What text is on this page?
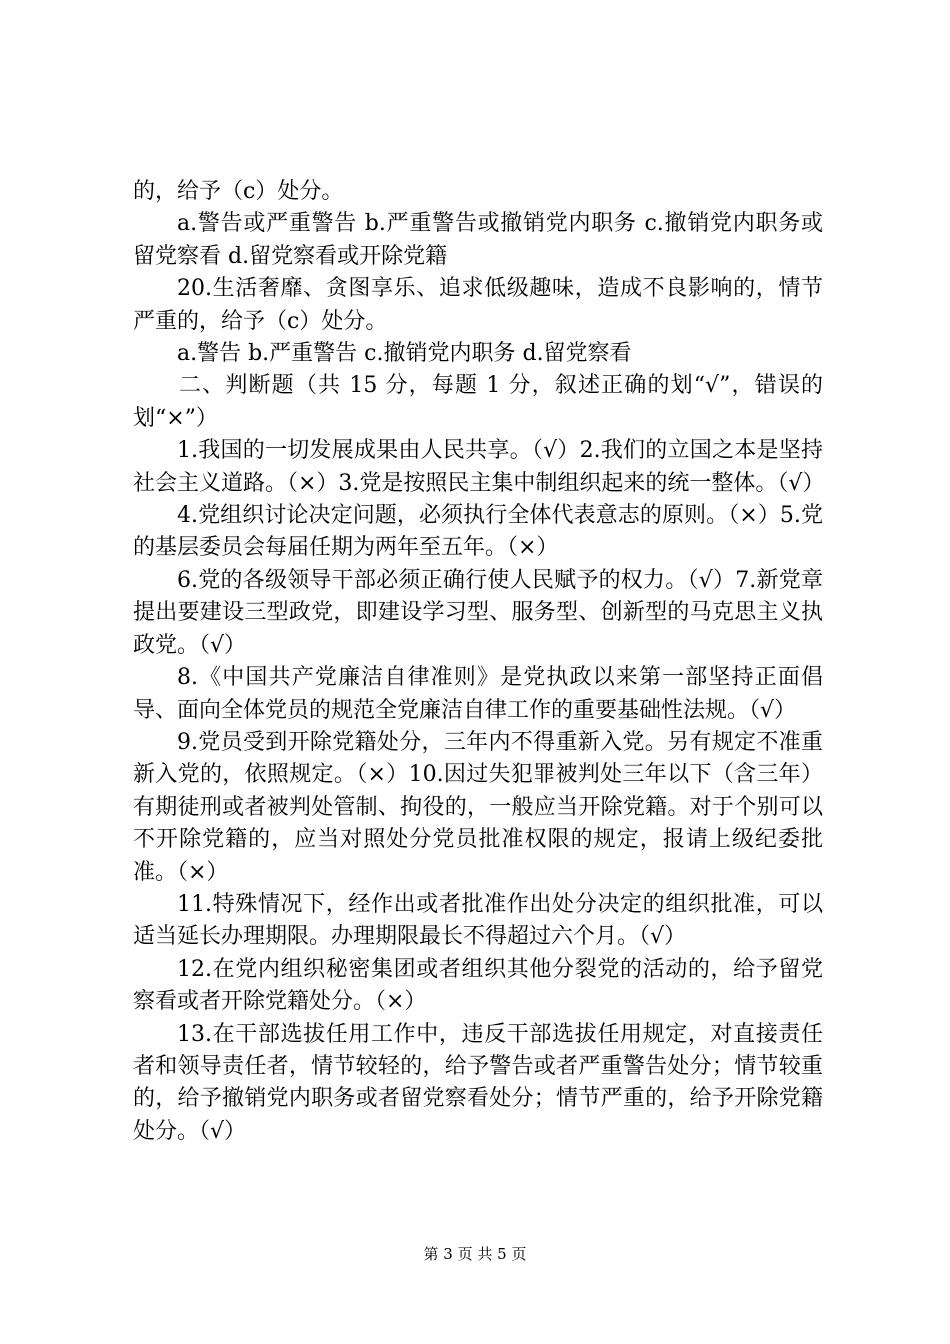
的，给予（c）处分。

a.警告或严重警告 b.严重警告或撤销党内职务 c.撤销党内职务或留党察看 d.留党察看或开除党籍

20.生活奢靡、贪图享乐、追求低级趣味，造成不良影响的，情节严重的，给予（c）处分。

a.警告 b.严重警告 c.撤销党内职务 d.留党察看

二、判断题（共 15 分，每题 1 分，叙述正确的划“√”，错误的划“×”）

1.我国的一切发展成果由人民共享。（√）2.我们的立国之本是坚持社会主义道路。（×）3.党是按照民主集中制组织起来的统一整体。（√）

4.党组织讨论决定问题，必须执行全体代表意志的原则。（×）5.党的基层委员会每届任期为两年至五年。（×）

6.党的各级领导干部必须正确行使人民赋予的权力。（√）7.新党章提出要建设三型政党，即建设学习型、服务型、创新型的马克思主义执政党。（√）

8.《中国共产党廉洁自律准则》是党执政以来第一部坚持正面倡导、面向全体党员的规范全党廉洁自律工作的重要基础性法规。（√）

9.党员受到开除党籍处分，三年内不得重新入党。另有规定不准重新入党的，依照规定。（×）10.因过失犯罪被判处三年以下（含三年）有期徒刑或者被判处管制、拘役的，一般应当开除党籍。对于个别可以不开除党籍的，应当对照处分党员批准权限的规定，报请上级纪委批准。（×）

11.特殊情况下，经作出或者批准作出处分决定的组织批准，可以适当延长办理期限。办理期限最长不得超过六个月。（√）

12.在党内组织秘密集团或者组织其他分裂党的活动的，给予留党察看或者开除党籍处分。（×）

13.在干部选拔任用工作中，违反干部选拔任用规定，对直接责任者和领导责任者，情节较轻的，给予警告或者严重警告处分；情节较重的，给予撤销党内职务或者留党察看处分；情节严重的，给予开除党籍处分。（√）

第 3 页 共 5 页
